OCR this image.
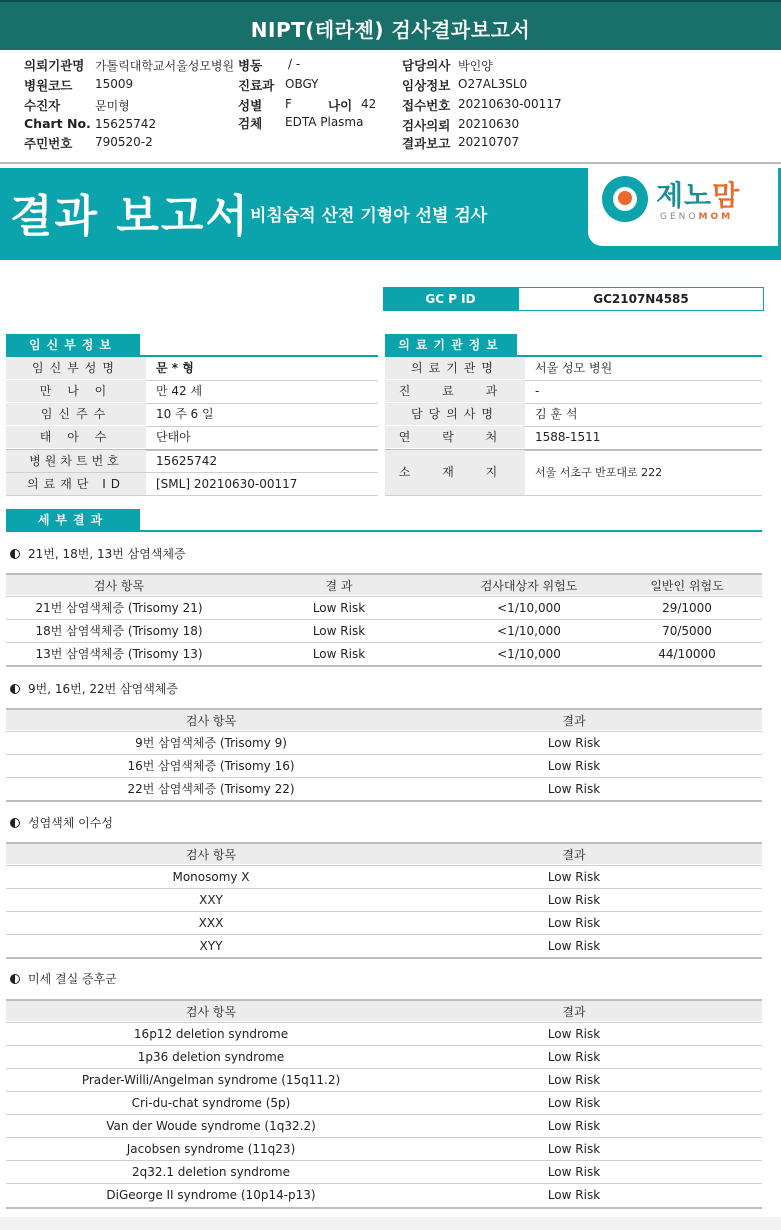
NIPT(테라젠) 검사결과보고서
의뢰기관명 가톨릭대학교서울성모병원
병원코드 15009
수진자	문미형
Chart No. 15625742
주민번호 790520-2
병동 / -
진료과 OBGY
성별 F	나이 42
검체 EDTA Plasma
담당의사 박인양
임상정보 O27AL3SL0
접수번호 20210630-00117
검사의뢰 20210630
결과보고 20210707
결과 보고서 비침습적 산전 기형아 선별 검사
제노맘
GENOMOM
GC P ID	GC2107N4585
임신부정보
임신부성명	문 * 형
만 나 이	만 42 세
임신주수	10 주 6 일
태 아 수	단태아
병원차트번호	15625742
의료재단 ID	[SML] 20210630-00117
의료기관정보
의료기관명	서울 성모 병원
진 료 과	-
담당의사명	김 훈 석
연 락 처	1588-1511
소 재 지	서울 서초구 반포대로 222
세부결과
21번, 18번, 13번 삼염색체증
검사 항목	결 과	검사대상자 위험도	일반인 위험도
21번 삼염색체증 (Trisomy 21)	Low Risk	<1/10,000	29/1000
18번 삼염색체증 (Trisomy 18)	Low Risk	<1/10,000	70/5000
13번 삼염색체증 (Trisomy 13)	Low Risk	<1/10,000	44/10000
9번, 16번, 22번 삼염색체증
검사 항목	결과
9번 삼염색체증 (Trisomy 9)	Low Risk
16번 삼염색체증 (Trisomy 16)	Low Risk
22번 삼염색체증 (Trisomy 22)	Low Risk
성염색체 이수성
검사 항목	결과
Monosomy X	Low Risk
XXY	Low Risk
XXX	Low Risk
XYY	Low Risk
미세 결실 증후군
검사 항목	결과
16p12 deletion syndrome	Low Risk
1p36 deletion syndrome	Low Risk
Prader-Willi/Angelman syndrome (15q11.2)	Low Risk
Cri-du-chat syndrome (5p)	Low Risk
Van der Woude syndrome (1q32.2)	Low Risk
Jacobsen syndrome (11q23)	Low Risk
2q32.1 deletion syndrome	Low Risk
DiGeorge II syndrome (10p14-p13)	Low Risk
